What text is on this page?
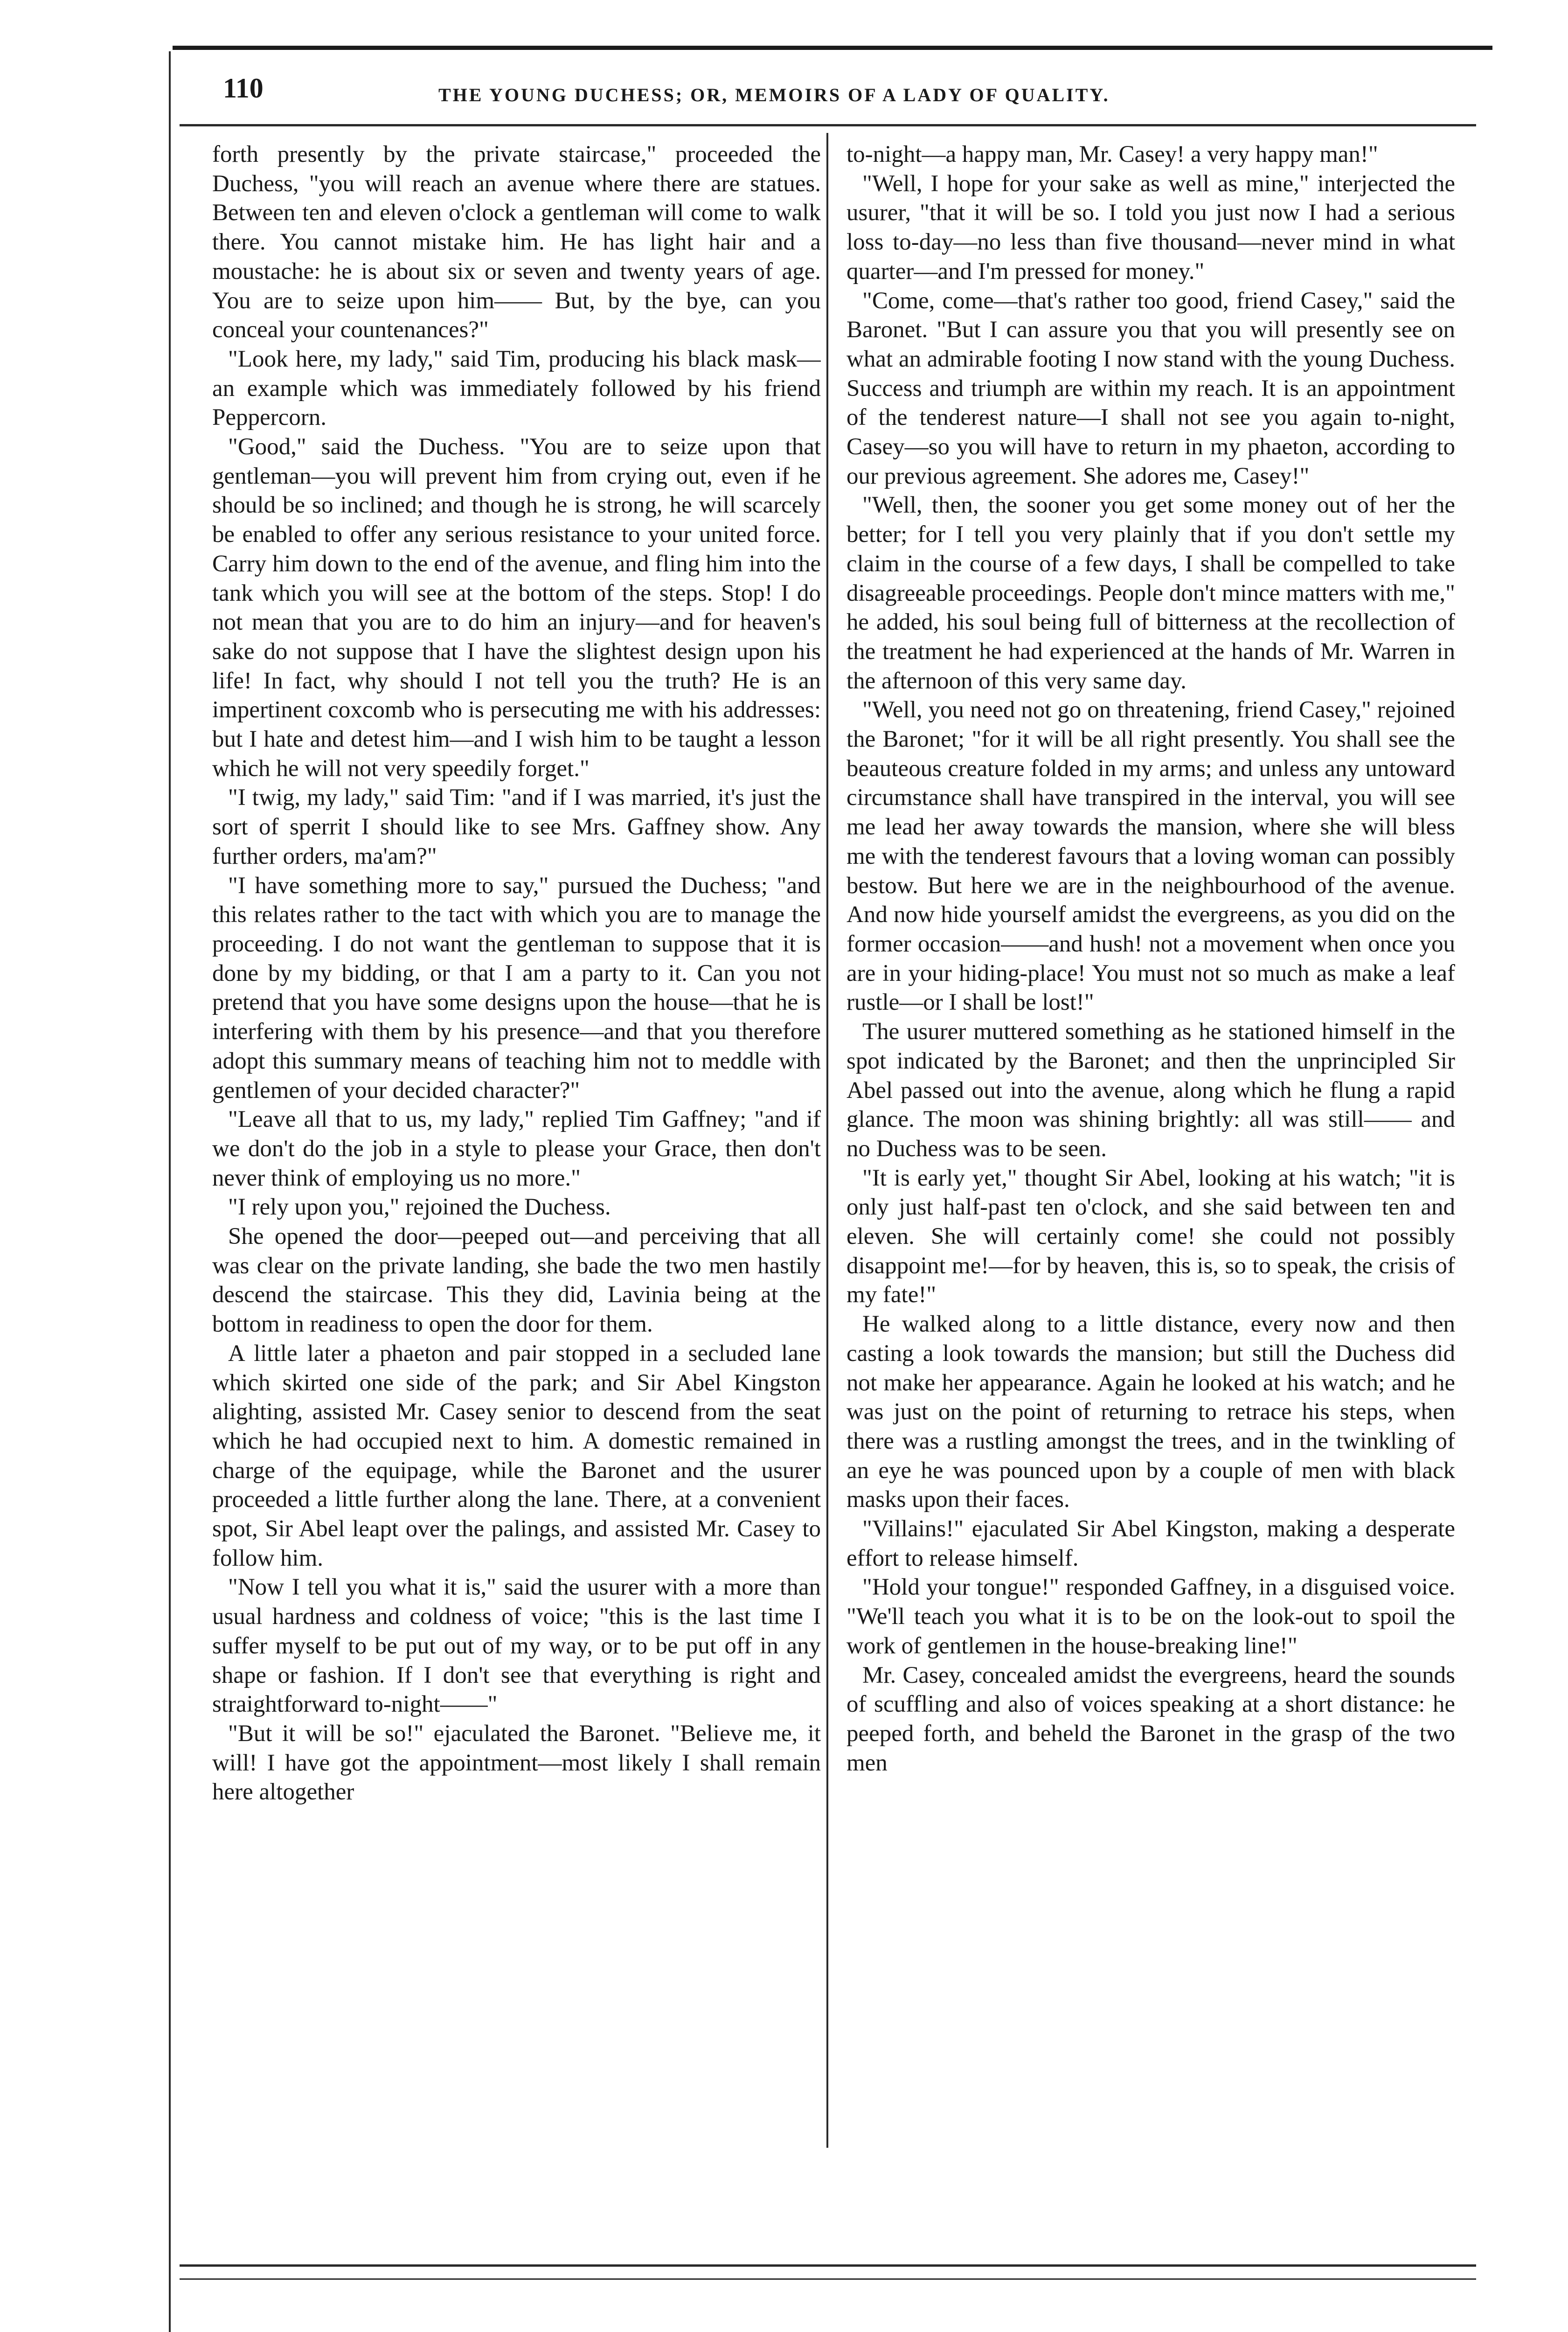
110	THE YOUNG DUCHESS; OR, MEMOIRS OF A LADY OF QUALITY.

forth presently by the private staircase," proceeded the Duchess, "you will reach an avenue where there are statues. Between ten and eleven o'clock a gentleman will come to walk there. You cannot mistake him. He has light hair and a moustache: he is about six or seven and twenty years of age. You are to seize upon him—— But, by the bye, can you conceal your countenances?"

"Look here, my lady," said Tim, producing his black mask—an example which was immediately followed by his friend Peppercorn.

"Good," said the Duchess. "You are to seize upon that gentleman—you will prevent him from crying out, even if he should be so inclined; and though he is strong, he will scarcely be enabled to offer any serious resistance to your united force. Carry him down to the end of the avenue, and fling him into the tank which you will see at the bottom of the steps. Stop! I do not mean that you are to do him an injury—and for heaven's sake do not suppose that I have the slightest design upon his life! In fact, why should I not tell you the truth? He is an impertinent coxcomb who is persecuting me with his addresses: but I hate and detest him—and I wish him to be taught a lesson which he will not very speedily forget."

"I twig, my lady," said Tim: "and if I was married, it's just the sort of sperrit I should like to see Mrs. Gaffney show. Any further orders, ma'am?"

"I have something more to say," pursued the Duchess; "and this relates rather to the tact with which you are to manage the proceeding. I do not want the gentleman to suppose that it is done by my bidding, or that I am a party to it. Can you not pretend that you have some designs upon the house—that he is interfering with them by his presence—and that you therefore adopt this summary means of teaching him not to meddle with gentlemen of your decided character?"

"Leave all that to us, my lady," replied Tim Gaffney; "and if we don't do the job in a style to please your Grace, then don't never think of employing us no more."

"I rely upon you," rejoined the Duchess.

She opened the door—peeped out—and perceiving that all was clear on the private landing, she bade the two men hastily descend the staircase. This they did, Lavinia being at the bottom in readiness to open the door for them.

A little later a phaeton and pair stopped in a secluded lane which skirted one side of the park; and Sir Abel Kingston alighting, assisted Mr. Casey senior to descend from the seat which he had occupied next to him. A domestic remained in charge of the equipage, while the Baronet and the usurer proceeded a little further along the lane. There, at a convenient spot, Sir Abel leapt over the palings, and assisted Mr. Casey to follow him.

"Now I tell you what it is," said the usurer with a more than usual hardness and coldness of voice; "this is the last time I suffer myself to be put out of my way, or to be put off in any shape or fashion. If I don't see that everything is right and straightforward to-night——"

"But it will be so!" ejaculated the Baronet. "Believe me, it will! I have got the appointment—most likely I shall remain here altogether

to-night—a happy man, Mr. Casey! a very happy man!"

"Well, I hope for your sake as well as mine," interjected the usurer, "that it will be so. I told you just now I had a serious loss to-day—no less than five thousand—never mind in what quarter—and I'm pressed for money."

"Come, come—that's rather too good, friend Casey," said the Baronet. "But I can assure you that you will presently see on what an admirable footing I now stand with the young Duchess. Success and triumph are within my reach. It is an appointment of the tenderest nature—I shall not see you again to-night, Casey—so you will have to return in my phaeton, according to our previous agreement. She adores me, Casey!"

"Well, then, the sooner you get some money out of her the better; for I tell you very plainly that if you don't settle my claim in the course of a few days, I shall be compelled to take disagreeable proceedings. People don't mince matters with me," he added, his soul being full of bitterness at the recollection of the treatment he had experienced at the hands of Mr. Warren in the afternoon of this very same day.

"Well, you need not go on threatening, friend Casey," rejoined the Baronet; "for it will be all right presently. You shall see the beauteous creature folded in my arms; and unless any untoward circumstance shall have transpired in the interval, you will see me lead her away towards the mansion, where she will bless me with the tenderest favours that a loving woman can possibly bestow. But here we are in the neighbourhood of the avenue. And now hide yourself amidst the evergreens, as you did on the former occasion——and hush! not a movement when once you are in your hiding-place! You must not so much as make a leaf rustle—or I shall be lost!"

The usurer muttered something as he stationed himself in the spot indicated by the Baronet; and then the unprincipled Sir Abel passed out into the avenue, along which he flung a rapid glance. The moon was shining brightly: all was still—— and no Duchess was to be seen.

"It is early yet," thought Sir Abel, looking at his watch; "it is only just half-past ten o'clock, and she said between ten and eleven. She will certainly come! she could not possibly disappoint me!—for by heaven, this is, so to speak, the crisis of my fate!"

He walked along to a little distance, every now and then casting a look towards the mansion; but still the Duchess did not make her appearance. Again he looked at his watch; and he was just on the point of returning to retrace his steps, when there was a rustling amongst the trees, and in the twinkling of an eye he was pounced upon by a couple of men with black masks upon their faces.

"Villains!" ejaculated Sir Abel Kingston, making a desperate effort to release himself.

"Hold your tongue!" responded Gaffney, in a disguised voice. "We'll teach you what it is to be on the look-out to spoil the work of gentlemen in the house-breaking line!"

Mr. Casey, concealed amidst the evergreens, heard the sounds of scuffling and also of voices speaking at a short distance: he peeped forth, and beheld the Baronet in the grasp of the two men
